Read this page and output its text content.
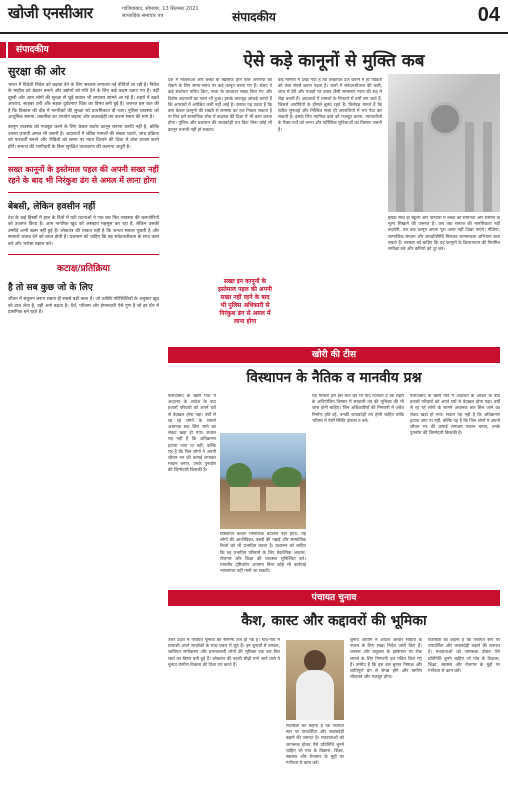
खोजी एनसीआर	गाजियाबाद, सोमवार, 13 सितम्बर 2021
साप्ताहिक समाचार पत्र	संपादकीय	04
संपादकीय
सुरक्षा की ओर
भारत में विदेशी निवेश को बढ़ावा देने के लिए सरकार लगातार नई नीतियाँ ला रही है। निवेश के माहौल को बेहतर बनाने और उद्योगों को गति देने के लिए कई कदम उठाए गए हैं। वहीं दूसरी ओर आम लोगों की सुरक्षा से जुड़े सवाल भी लगातार सामने आ रहे हैं। शहरों में बढ़ते अपराध, साइबर ठगी और सड़क दुर्घटनाएं चिंता का विषय बनी हुई हैं। जरूरत इस बात की है कि विकास की दौड़ में नागरिकों की सुरक्षा को प्राथमिकता दी जाए। पुलिस व्यवस्था को आधुनिक बनाना, तकनीक का उपयोग बढ़ाना और जवाबदेही तय करना समय की मांग है।
कानून व्यवस्था को मजबूत करने के लिए केवल कठोर कानून बनाना काफी नहीं है, बल्कि उनका प्रभावी अमल भी जरूरी है। अदालतों में लंबित मामलों की संख्या घटाने, जांच प्रक्रिया को पारदर्शी बनाने और पीड़ितों को समय पर न्याय दिलाने की दिशा में ठोस प्रयास करने होंगे। समाज की भागीदारी के बिना सुरक्षित वातावरण की कल्पना अधूरी है।
सख्त कानूनों के इस्तेमाल पहल की अपनी सख्त नहीं रहने के बाद भी निरंकुश ढंग से अमल में लाना होगा
बेबसी, लेकिन हवसीन नहीं
देश के कई हिस्सों में हाल के दिनों में घटी घटनाओं ने एक बार फिर व्यवस्था की कमजोरियों को उजागर किया है। आम नागरिक खुद को असहाय महसूस कर रहा है, लेकिन उसकी उम्मीदें अभी खत्म नहीं हुई हैं। लोकतंत्र की ताकत यही है कि जनता सवाल पूछती है और सरकारें जवाब देने को बाध्य होती हैं। प्रशासन को चाहिए कि वह संवेदनशीलता के साथ काम करे और भरोसा बहाल करे।
कटाक्ष/प्रतिक्रिया
है तो सब कुछ जो के लिए
जीवन में संतुलन बनाए रखना ही सबसे बड़ी कला है। जो व्यक्ति परिस्थितियों के अनुसार खुद को ढाल लेता है, वही आगे बढ़ता है। धैर्य, परिश्रम और ईमानदारी ऐसे गुण हैं जो हर दौर में प्रासंगिक बने रहते हैं।
ऐसे कड़े कानूनों से मुक्ति कब
देश में महिलाओं और बच्चों के खिलाफ होने वाले अपराधों को रोकने के लिए समय-समय पर कड़े कानून बनाए गए हैं। संसद ने कई संशोधन पारित किए, सजा के प्रावधान सख्त किए गए और विशेष अदालतों का गठन भी हुआ। इसके बावजूद आंकड़े बताते हैं कि अपराधों में अपेक्षित कमी नहीं आई है। सवाल यह उठता है कि क्या केवल कानूनों की सख्ती से समस्या का हल निकल सकता है या फिर हमें सामाजिक सोच में बदलाव की दिशा में भी काम करना होगा। पुलिस और प्रशासन की जवाबदेही तय किए बिना कोई भी कानून प्रभावी नहीं हो सकता।
कई मामलों में देखा गया है कि शिकायत दर्ज कराने में ही पीड़ितों को लंबा संघर्ष करना पड़ता है। थानों में संवेदनशीलता की कमी, जांच में देरी और गवाहों पर दबाव जैसी समस्याएं न्याय की राह में रोड़ा बनती हैं। अदालतों में मामलों के निपटारे में वर्षों लग जाते हैं, जिससे आरोपियों के हौसले बुलंद रहते हैं। विशेषज्ञ मानते हैं कि त्वरित सुनवाई और निश्चित सजा ही अपराधियों में भय पैदा कर सकती है। इसके लिए न्यायिक ढांचे को मजबूत करना, न्यायाधीशों के रिक्त पदों को भरना और फॉरेंसिक सुविधाओं का विस्तार जरूरी है।
इसके साथ ही स्कूलों और परिवारों में बच्चों को समानता और सम्मान के मूल्य सिखाने की जरूरत है। जब तक समाज की मानसिकता नहीं बदलेगी, तब तक कानून अपना पूरा असर नहीं दिखा पाएंगे। मीडिया, सामाजिक संगठन और जनप्रतिनिधि मिलकर जागरूकता अभियान चला सकते हैं। सरकार को चाहिए कि वह कानूनों के क्रियान्वयन की नियमित समीक्षा करे और कमियों को दूर करे।
सख्त इन कानूनों के इस्तेमाल पहल की अपनी सख्त नहीं रहने के बाद भी पुलिस अधिकारी से निरंकुश ढंग से अमल में लाना होगा
खोरी की टीस
विस्थापन के नैतिक व मानवीय प्रश्न
फरीदाबाद के खोरी गांव में अदालत के आदेश के बाद हजारों परिवारों को अपने घरों से बेदखल होना पड़ा। वर्षों से रह रहे लोगों के सामने अचानक छत छिन जाने का संकट खड़ा हो गया। सवाल यह नहीं है कि अतिक्रमण हटाया जाए या नहीं, बल्कि यह है कि जिन लोगों ने अपनी जीवन भर की कमाई लगाकर मकान बनाए, उनके पुनर्वास की जिम्मेदारी किसकी है।
विस्थापन केवल भौगोलिक बदलाव नहीं होता, यह लोगों की आजीविका, बच्चों की पढ़ाई और सामाजिक रिश्तों को भी प्रभावित करता है। प्रशासन को चाहिए कि वह प्रभावित परिवारों के लिए वैकल्पिक आवास, रोजगार और शिक्षा की व्यवस्था सुनिश्चित करे। मानवीय दृष्टिकोण अपनाए बिना कोई भी कार्रवाई न्यायसंगत नहीं मानी जा सकती।
यह मामला हमें इस बात की भी याद दिलाता है कि शहरों के अनियोजित विस्तार में सरकारी तंत्र की भूमिका की भी जांच होनी चाहिए। जिन अधिकारियों की निगरानी में अवैध निर्माण होते रहे, उनकी जवाबदेही तय होनी चाहिए ताकि भविष्य में ऐसी स्थिति दोबारा न बने।
फरीदाबाद के खोरी गांव में अदालत के आदेश के बाद हजारों परिवारों को अपने घरों से बेदखल होना पड़ा। वर्षों से रह रहे लोगों के सामने अचानक छत छिन जाने का संकट खड़ा हो गया। सवाल यह नहीं है कि अतिक्रमण हटाया जाए या नहीं, बल्कि यह है कि जिन लोगों ने अपनी जीवन भर की कमाई लगाकर मकान बनाए, उनके पुनर्वास की जिम्मेदारी किसकी है।
पंचायत चुनाव
कैश, कास्ट और कद्दावरों की भूमिका
उत्तर प्रदेश में पंचायत चुनावों की सरगर्मी तेज हो गई है। गांव-गांव में प्रत्याशी अपने समर्थकों के साथ प्रचार में जुटे हैं। इन चुनावों में धनबल, जातिगत समीकरण और प्रभावशाली लोगों की भूमिका एक बार फिर चर्चा का विषय बनी हुई है। लोकतंत्र की पहली सीढ़ी माने जाने वाले ये चुनाव ग्रामीण विकास की दिशा तय करते हैं।
विशेषज्ञों का कहना है कि पंचायत स्तर पर पारदर्शिता और जवाबदेही बढ़ाने की जरूरत है। मतदाताओं को जागरूक होकर ऐसे प्रतिनिधि चुनने चाहिए जो गांव के विकास, शिक्षा, स्वास्थ्य और रोजगार के मुद्दों पर गंभीरता से काम करें।
चुनाव आयोग ने आदर्श आचार संहिता के पालन के लिए सख्त निर्देश जारी किए हैं। धनबल और बाहुबल के इस्तेमाल पर रोक लगाने के लिए निगरानी दल गठित किए गए हैं। उम्मीद है कि इस बार चुनाव निष्पक्ष और शांतिपूर्ण ढंग से संपन्न होंगे और ग्रामीण लोकतंत्र और मजबूत होगा।
विशेषज्ञों का कहना है कि पंचायत स्तर पर पारदर्शिता और जवाबदेही बढ़ाने की जरूरत है। मतदाताओं को जागरूक होकर ऐसे प्रतिनिधि चुनने चाहिए जो गांव के विकास, शिक्षा, स्वास्थ्य और रोजगार के मुद्दों पर गंभीरता से काम करें।
